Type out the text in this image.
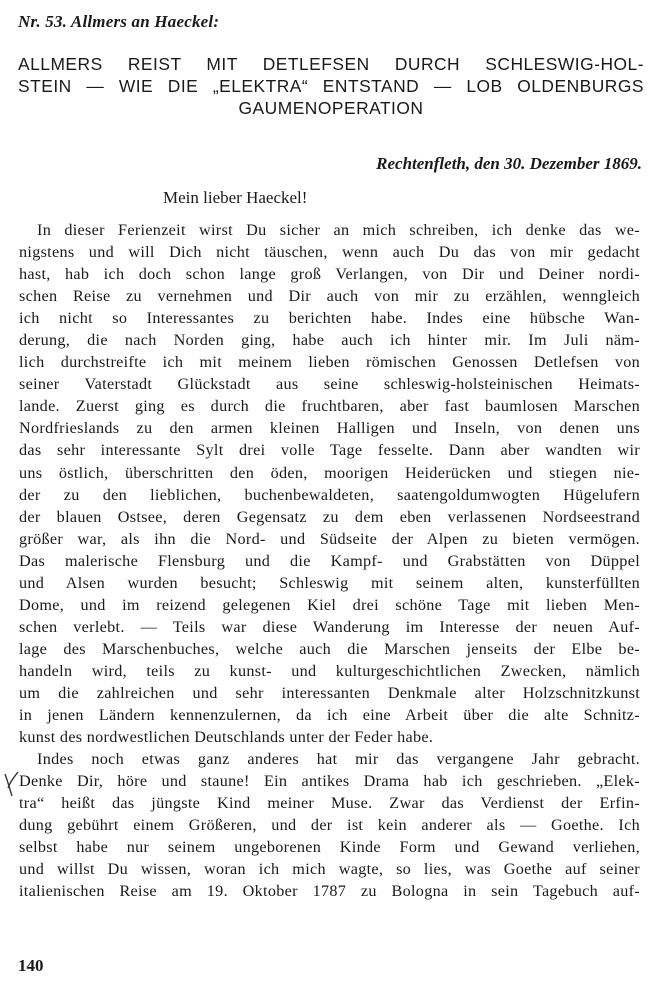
Nr. 53. Allmers an Haeckel:
ALLMERS REIST MIT DETLEFSEN DURCH SCHLESWIG-HOL-
STEIN — WIE DIE „ELEKTRA“ ENTSTAND — LOB OLDENBURGS
GAUMENOPERATION
Rechtenfleth, den 30. Dezember 1869.
Mein lieber Haeckel!
In dieser Ferienzeit wirst Du sicher an mich schreiben, ich denke das we-
nigstens und will Dich nicht täuschen, wenn auch Du das von mir gedacht
hast, hab ich doch schon lange groß Verlangen, von Dir und Deiner nordi-
schen Reise zu vernehmen und Dir auch von mir zu erzählen, wenngleich
ich nicht so Interessantes zu berichten habe. Indes eine hübsche Wan-
derung, die nach Norden ging, habe auch ich hinter mir. Im Juli näm-
lich durchstreifte ich mit meinem lieben römischen Genossen Detlefsen von
seiner Vaterstadt Glückstadt aus seine schleswig-holsteinischen Heimats-
lande. Zuerst ging es durch die fruchtbaren, aber fast baumlosen Marschen
Nordfrieslands zu den armen kleinen Halligen und Inseln, von denen uns
das sehr interessante Sylt drei volle Tage fesselte. Dann aber wandten wir
uns östlich, überschritten den öden, moorigen Heiderücken und stiegen nie-
der zu den lieblichen, buchenbewaldeten, saatengoldumwogten Hügelufern
der blauen Ostsee, deren Gegensatz zu dem eben verlassenen Nordseestrand
größer war, als ihn die Nord- und Südseite der Alpen zu bieten vermögen.
Das malerische Flensburg und die Kampf- und Grabstätten von Düppel
und Alsen wurden besucht; Schleswig mit seinem alten, kunsterfüllten
Dome, und im reizend gelegenen Kiel drei schöne Tage mit lieben Men-
schen verlebt. — Teils war diese Wanderung im Interesse der neuen Auf-
lage des Marschenbuches, welche auch die Marschen jenseits der Elbe be-
handeln wird, teils zu kunst- und kulturgeschichtlichen Zwecken, nämlich
um die zahlreichen und sehr interessanten Denkmale alter Holzschnitzkunst
in jenen Ländern kennenzulernen, da ich eine Arbeit über die alte Schnitz-
kunst des nordwestlichen Deutschlands unter der Feder habe.
Indes noch etwas ganz anderes hat mir das vergangene Jahr gebracht.
Denke Dir, höre und staune! Ein antikes Drama hab ich geschrieben. „Elek-
tra“ heißt das jüngste Kind meiner Muse. Zwar das Verdienst der Erfin-
dung gebührt einem Größeren, und der ist kein anderer als — Goethe. Ich
selbst habe nur seinem ungeborenen Kinde Form und Gewand verliehen,
und willst Du wissen, woran ich mich wagte, so lies, was Goethe auf seiner
italienischen Reise am 19. Oktober 1787 zu Bologna in sein Tagebuch auf-
140
